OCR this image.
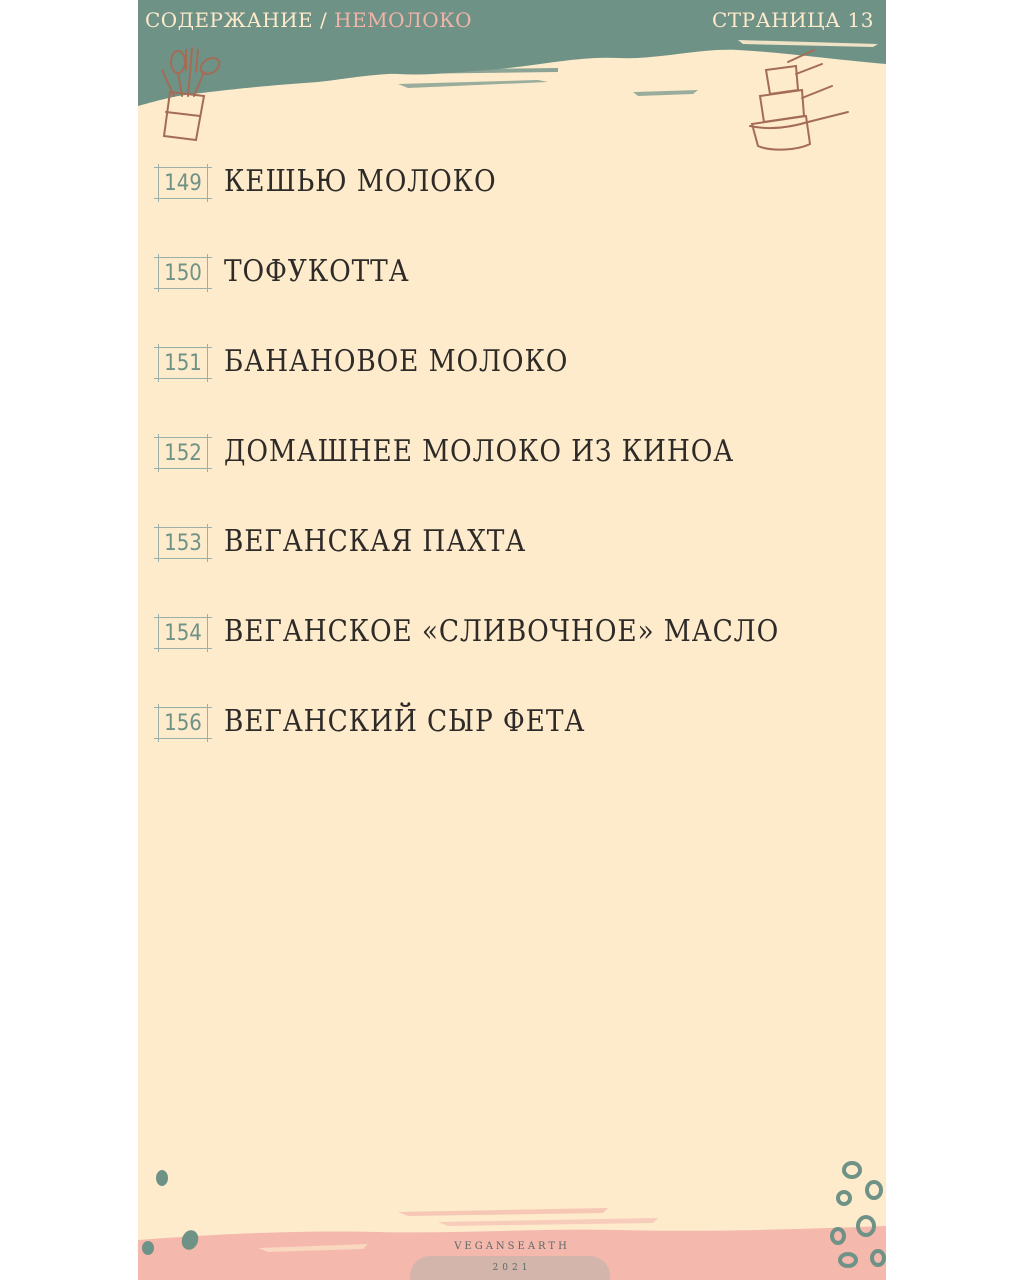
СОДЕРЖАНИЕ / НЕМОЛОКО	СТРАНИЦА 13
149 КЕШЬЮ МОЛОКО
150 ТОФУКОТТА
151 БАНАНОВОЕ МОЛОКО
152 ДОМАШНЕЕ МОЛОКО ИЗ КИНОА
153 ВЕГАНСКАЯ ПАХТА
154 ВЕГАНСКОЕ «СЛИВОЧНОЕ» МАСЛО
156 ВЕГАНСКИЙ СЫР ФЕТА
VEGANSEARTH
2021
